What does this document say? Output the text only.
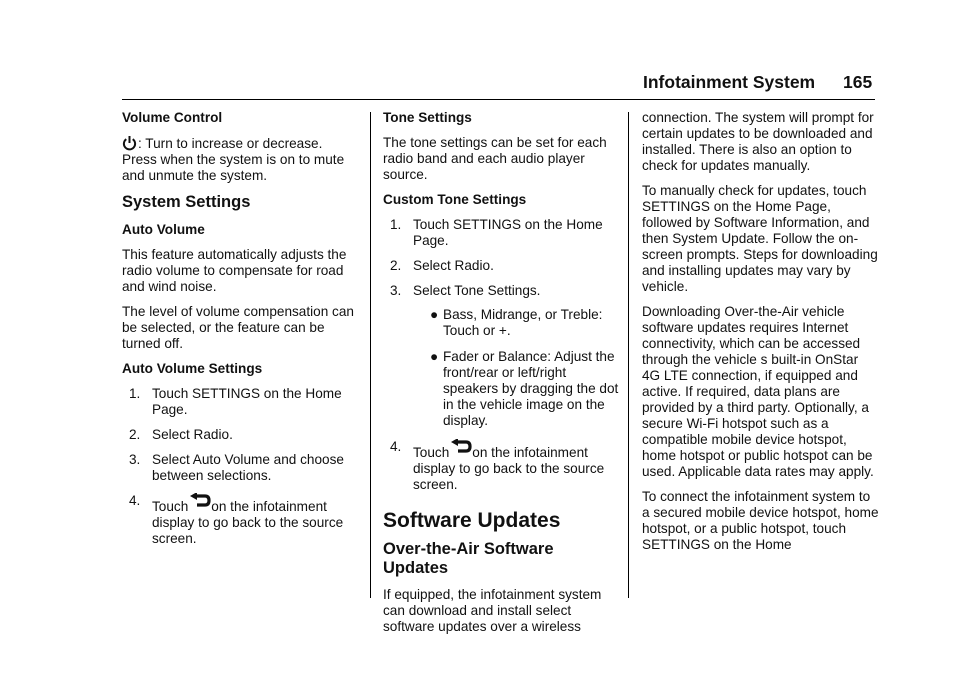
Infotainment System 165

Volume Control

: Turn to increase or decrease. Press when the system is on to mute and unmute the system.

System Settings

Auto Volume

This feature automatically adjusts the radio volume to compensate for road and wind noise.

The level of volume compensation can be selected, or the feature can be turned off.

Auto Volume Settings

1. Touch SETTINGS on the Home Page.
2. Select Radio.
3. Select Auto Volume and choose between selections.
4. Touch on the infotainment display to go back to the source screen.

Tone Settings

The tone settings can be set for each radio band and each audio player source.

Custom Tone Settings

1. Touch SETTINGS on the Home Page.
2. Select Radio.
3. Select Tone Settings.
● Bass, Midrange, or Treble: Touch or +.
● Fader or Balance: Adjust the front/rear or left/right speakers by dragging the dot in the vehicle image on the display.
4. Touch on the infotainment display to go back to the source screen.

Software Updates

Over-the-Air Software Updates

If equipped, the infotainment system can download and install select software updates over a wireless

connection. The system will prompt for certain updates to be downloaded and installed. There is also an option to check for updates manually.

To manually check for updates, touch SETTINGS on the Home Page, followed by Software Information, and then System Update. Follow the on-screen prompts. Steps for downloading and installing updates may vary by vehicle.

Downloading Over-the-Air vehicle software updates requires Internet connectivity, which can be accessed through the vehicle s built-in OnStar 4G LTE connection, if equipped and active. If required, data plans are provided by a third party. Optionally, a secure Wi-Fi hotspot such as a compatible mobile device hotspot, home hotspot or public hotspot can be used. Applicable data rates may apply.

To connect the infotainment system to a secured mobile device hotspot, home hotspot, or a public hotspot, touch SETTINGS on the Home
